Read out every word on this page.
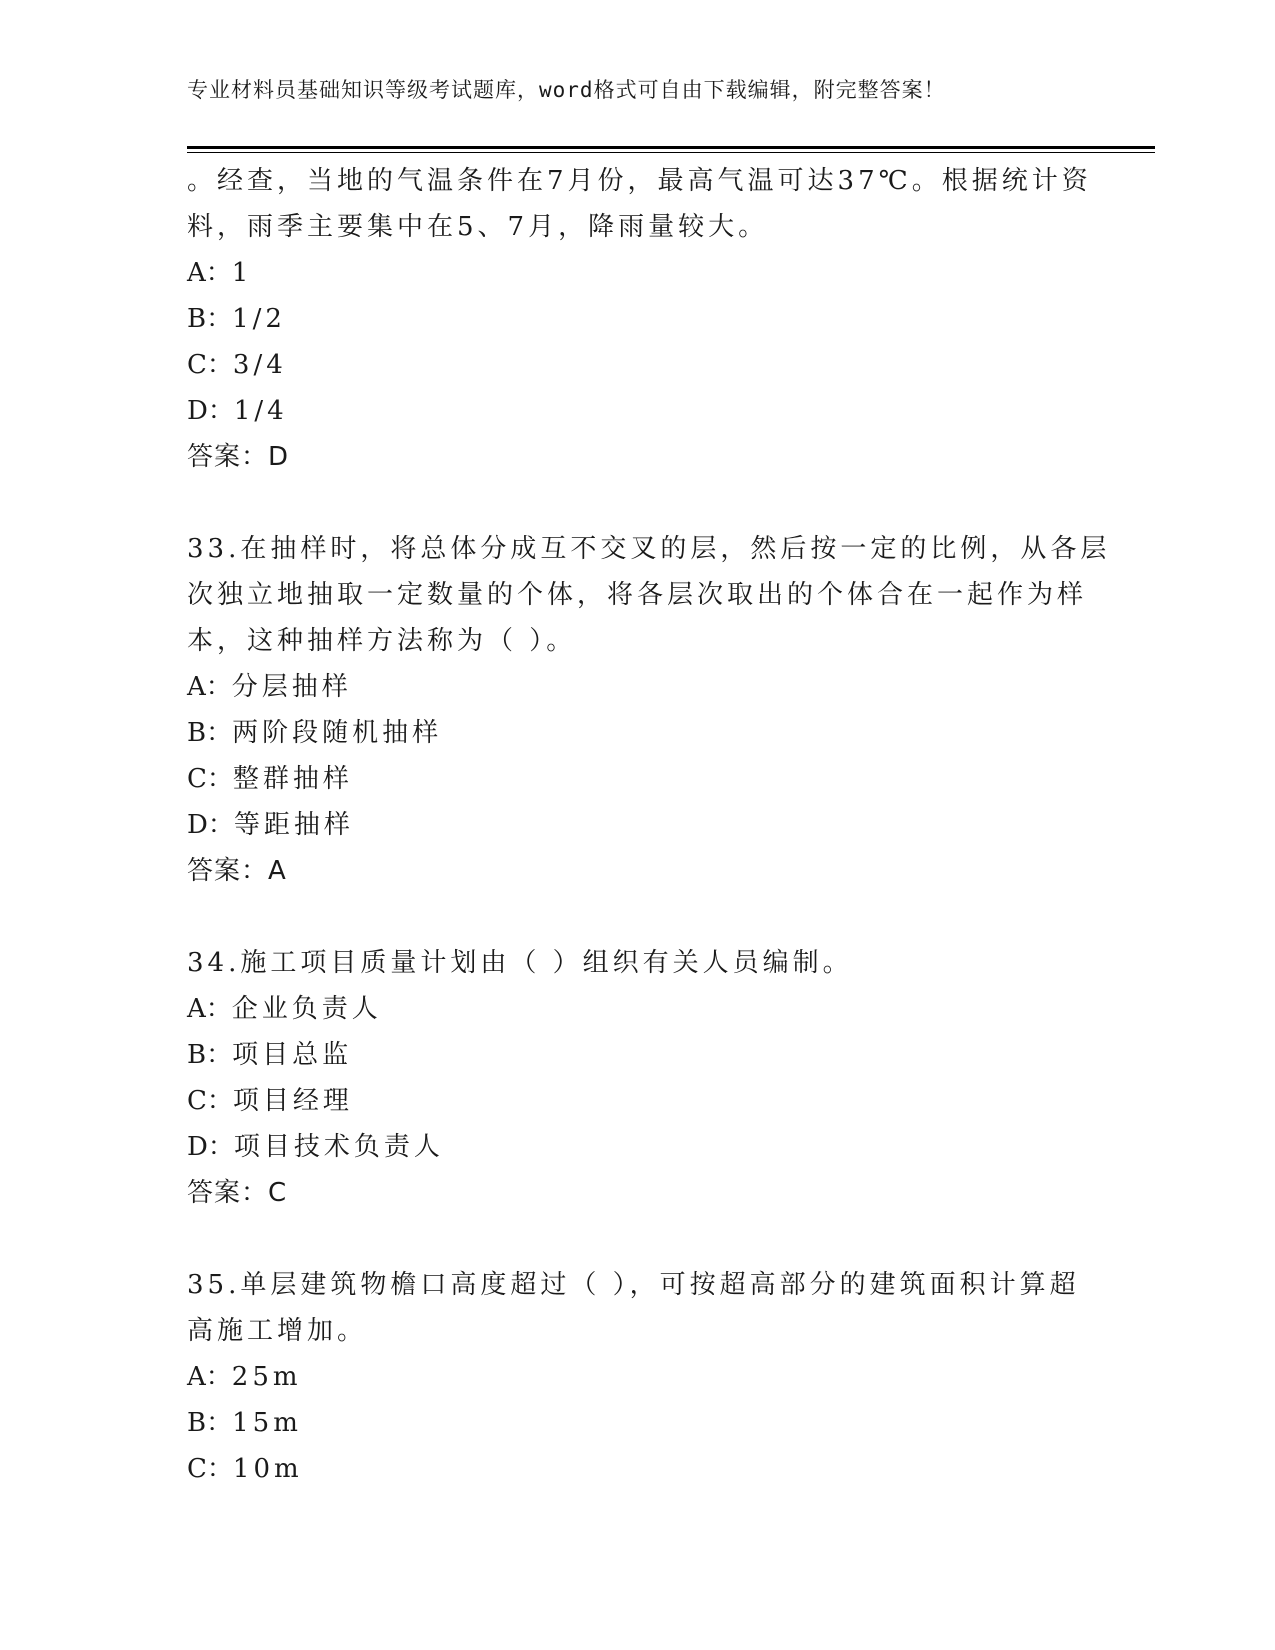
专业材料员基础知识等级考试题库，word格式可自由下载编辑，附完整答案！
。经查，当地的气温条件在7月份，最高气温可达37℃。根据统计资
料，雨季主要集中在5、7月，降雨量较大。
A：1
B：1/2
C：3/4
D：1/4
答案：D
33.在抽样时，将总体分成互不交叉的层，然后按一定的比例，从各层
次独立地抽取一定数量的个体，将各层次取出的个体合在一起作为样
本，这种抽样方法称为（ ）。
A：分层抽样
B：两阶段随机抽样
C：整群抽样
D：等距抽样
答案：A
34.施工项目质量计划由（ ）组织有关人员编制。
A：企业负责人
B：项目总监
C：项目经理
D：项目技术负责人
答案：C
35.单层建筑物檐口高度超过（ ），可按超高部分的建筑面积计算超
高施工增加。
A：25m
B：15m
C：10m
